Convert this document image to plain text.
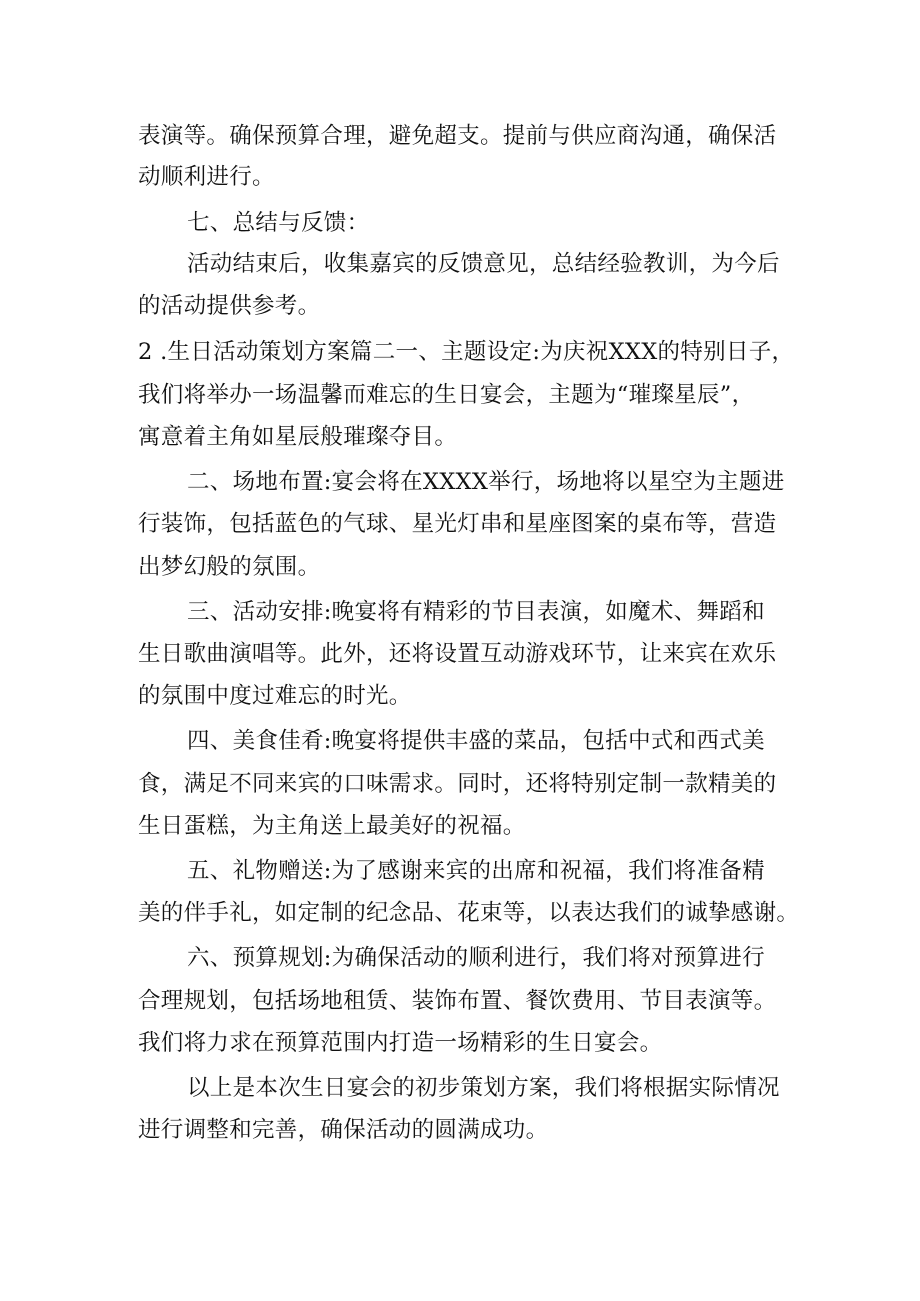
表演等。确保预算合理，避免超支。提前与供应商沟通，确保活
动顺利进行。
七、总结与反馈：
活动结束后，收集嘉宾的反馈意见，总结经验教训，为今后
的活动提供参考。
2 .生日活动策划方案篇二一、主题设定:为庆祝XXX的特别日子，
我们将举办一场温馨而难忘的生日宴会，主题为“璀璨星辰”，
寓意着主角如星辰般璀璨夺目。
二、场地布置:宴会将在XXXX举行，场地将以星空为主题进
行装饰，包括蓝色的气球、星光灯串和星座图案的桌布等，营造
出梦幻般的氛围。
三、活动安排:晚宴将有精彩的节目表演，如魔术、舞蹈和
生日歌曲演唱等。此外，还将设置互动游戏环节，让来宾在欢乐
的氛围中度过难忘的时光。
四、美食佳肴:晚宴将提供丰盛的菜品，包括中式和西式美
食，满足不同来宾的口味需求。同时，还将特别定制一款精美的
生日蛋糕，为主角送上最美好的祝福。
五、礼物赠送:为了感谢来宾的出席和祝福，我们将准备精
美的伴手礼，如定制的纪念品、花束等，以表达我们的诚挚感谢。
六、预算规划:为确保活动的顺利进行，我们将对预算进行
合理规划，包括场地租赁、装饰布置、餐饮费用、节目表演等。
我们将力求在预算范围内打造一场精彩的生日宴会。
以上是本次生日宴会的初步策划方案，我们将根据实际情况
进行调整和完善，确保活动的圆满成功。
